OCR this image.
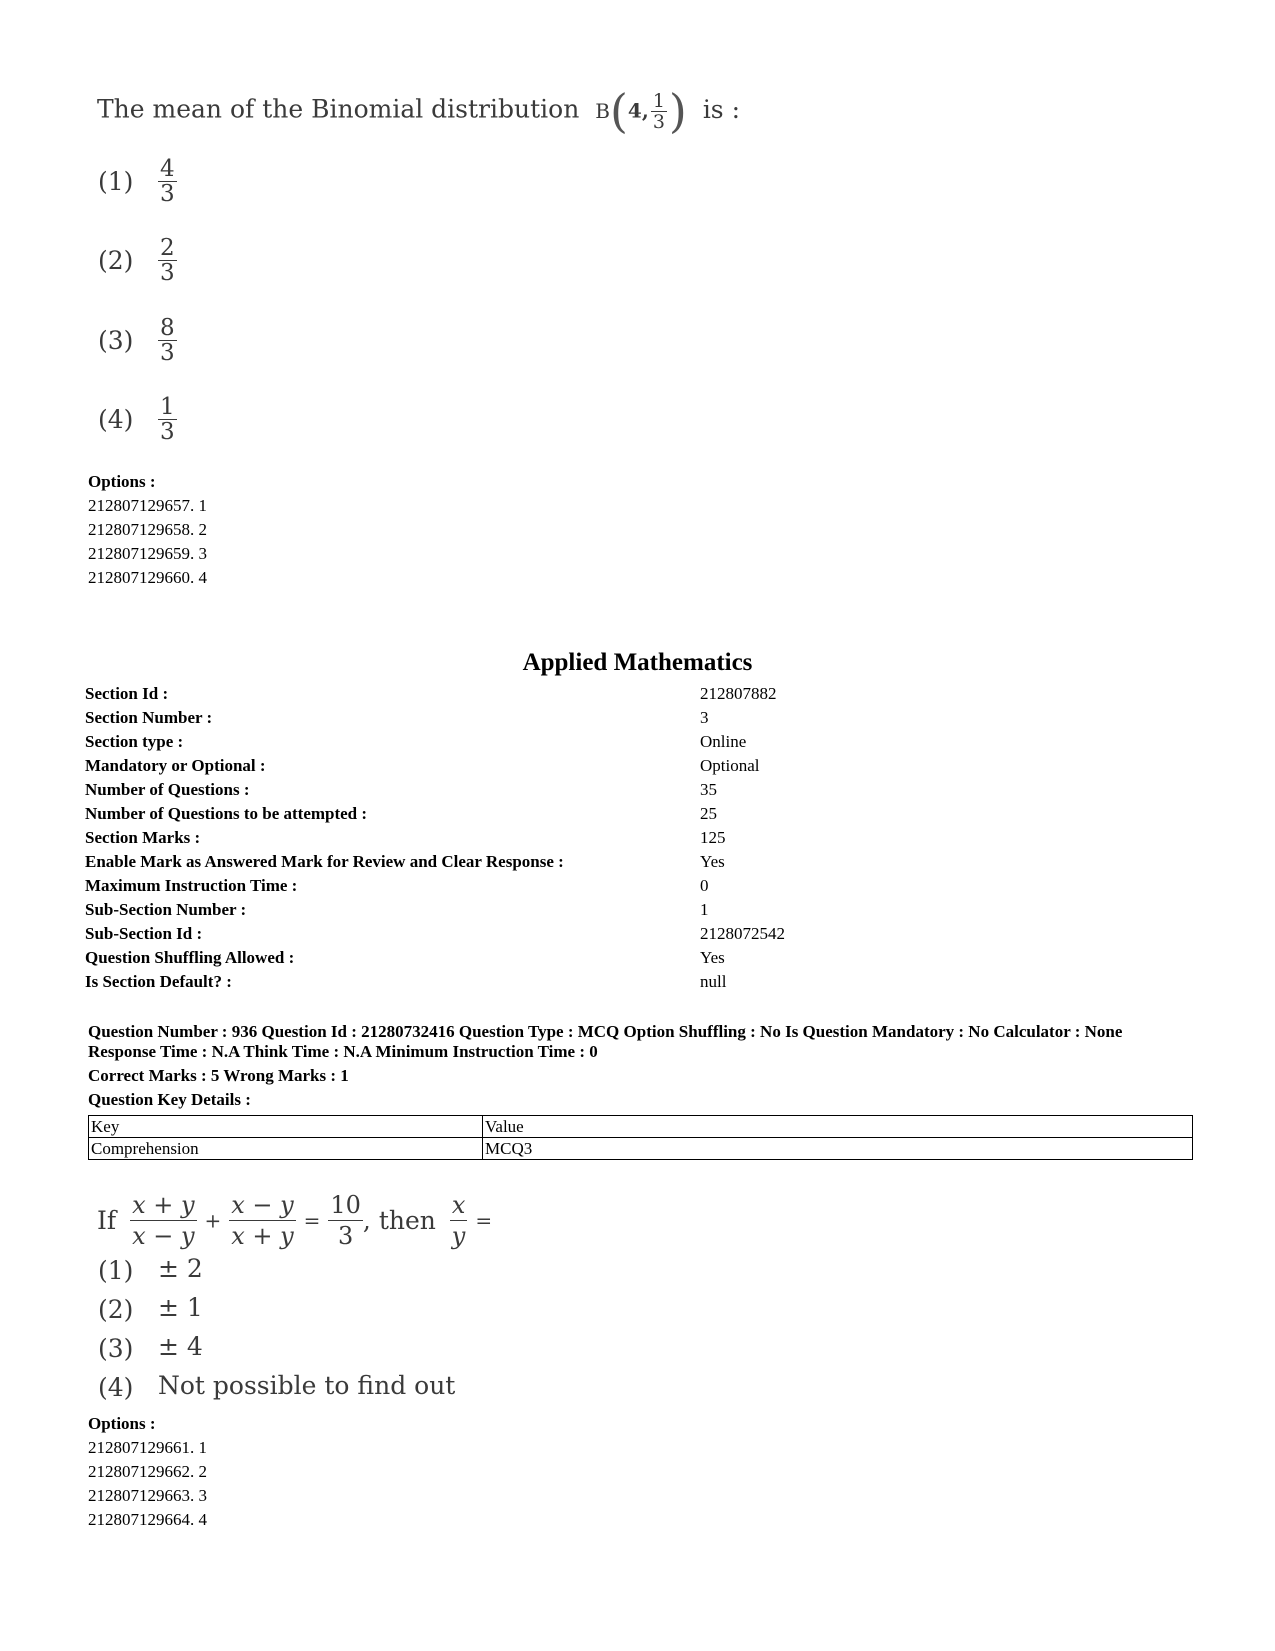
The mean of the Binomial distribution B(4, $\frac{1}{3}$ ) is :
$(1) \frac{4}{3}$
$(2) \frac{2}{3}$
$(3) \frac{8}{3}$
$(4) \frac{1}{3}$
Options :
212807129657. 1
212807129658. 2
212807129659. 3
212807129660. 4
Applied Mathematics
Section Id :	212807882
Section Number :	3
Section type :	Online
Mandatory or Optional :	Optional
Number of Questions :	35
Number of Questions to be attempted :	25
Section Marks :	125
Enable Mark as Answered Mark for Review and Clear Response :	Yes
Maximum Instruction Time :	0
Sub-Section Number :	1
Sub-Section Id :	2128072542
Question Shuffling Allowed :	Yes
Is Section Default? :	null
Question Number : 936 Question Id : 21280732416 Question Type : MCQ Option Shuffling : No Is Question Mandatory : No Calculator : None
Response Time : N.A Think Time : N.A Minimum Instruction Time : 0
Correct Marks : 5 Wrong Marks : 1
Question Key Details :
Key	Value
Comprehension	MCQ3
If $\frac{x + y}{x - y} + \frac{x - y}{x + y} = \frac{10}{3}$ , then $\frac{x}{y}$ =
(1) ± 2
(2) ± 1
(3) ± 4
(4) Not possible to find out
Options :
212807129661. 1
212807129662. 2
212807129663. 3
212807129664. 4
